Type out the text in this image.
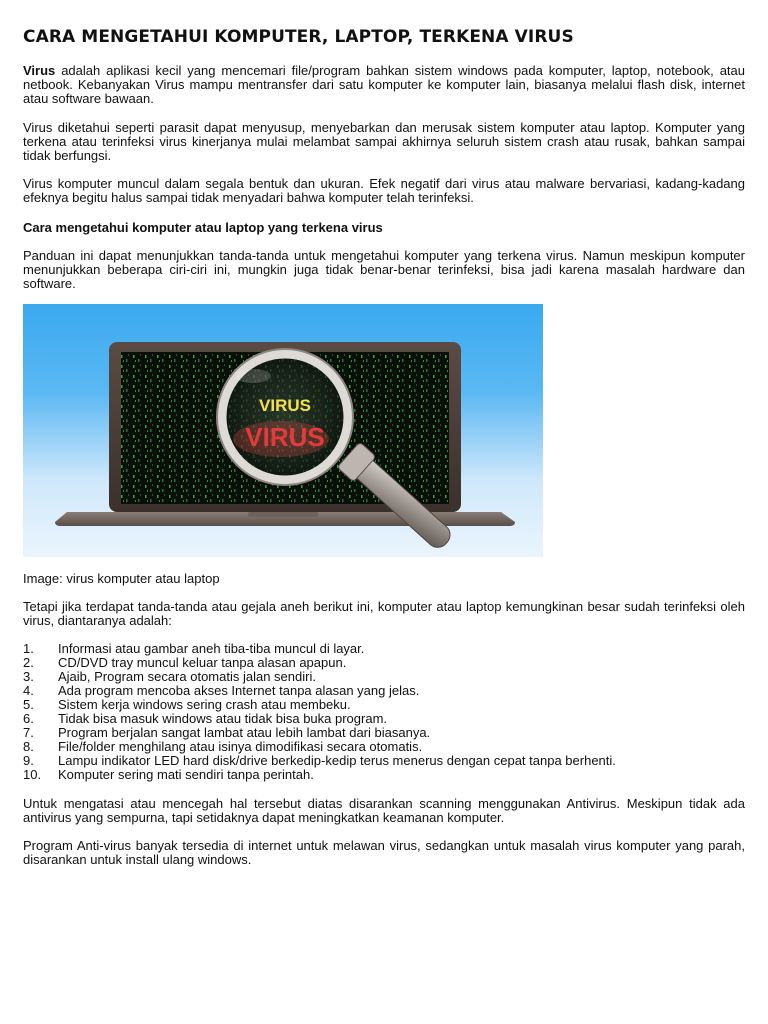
CARA MENGETAHUI KOMPUTER, LAPTOP, TERKENA VIRUS

Virus adalah aplikasi kecil yang mencemari file/program bahkan sistem windows pada komputer, laptop, notebook, atau netbook. Kebanyakan Virus mampu mentransfer dari satu komputer ke komputer lain, biasanya melalui flash disk, internet atau software bawaan.

Virus diketahui seperti parasit dapat menyusup, menyebarkan dan merusak sistem komputer atau laptop. Komputer yang terkena atau terinfeksi virus kinerjanya mulai melambat sampai akhirnya seluruh sistem crash atau rusak, bahkan sampai tidak berfungsi.

Virus komputer muncul dalam segala bentuk dan ukuran. Efek negatif dari virus atau malware bervariasi, kadang-kadang efeknya begitu halus sampai tidak menyadari bahwa komputer telah terinfeksi.

Cara mengetahui komputer atau laptop yang terkena virus

Panduan ini dapat menunjukkan tanda-tanda untuk mengetahui komputer yang terkena virus. Namun meskipun komputer menunjukkan beberapa ciri-ciri ini, mungkin juga tidak benar-benar terinfeksi, bisa jadi karena masalah hardware dan software.

VIRUS
VIRUS

Image: virus komputer atau laptop

Tetapi jika terdapat tanda-tanda atau gejala aneh berikut ini, komputer atau laptop kemungkinan besar sudah terinfeksi oleh virus, diantaranya adalah:

1. Informasi atau gambar aneh tiba-tiba muncul di layar.
2. CD/DVD tray muncul keluar tanpa alasan apapun.
3. Ajaib, Program secara otomatis jalan sendiri.
4. Ada program mencoba akses Internet tanpa alasan yang jelas.
5. Sistem kerja windows sering crash atau membeku.
6. Tidak bisa masuk windows atau tidak bisa buka program.
7. Program berjalan sangat lambat atau lebih lambat dari biasanya.
8. File/folder menghilang atau isinya dimodifikasi secara otomatis.
9. Lampu indikator LED hard disk/drive berkedip-kedip terus menerus dengan cepat tanpa berhenti.
10. Komputer sering mati sendiri tanpa perintah.

Untuk mengatasi atau mencegah hal tersebut diatas disarankan scanning menggunakan Antivirus. Meskipun tidak ada antivirus yang sempurna, tapi setidaknya dapat meningkatkan keamanan komputer.

Program Anti-virus banyak tersedia di internet untuk melawan virus, sedangkan untuk masalah virus komputer yang parah, disarankan untuk install ulang windows.
